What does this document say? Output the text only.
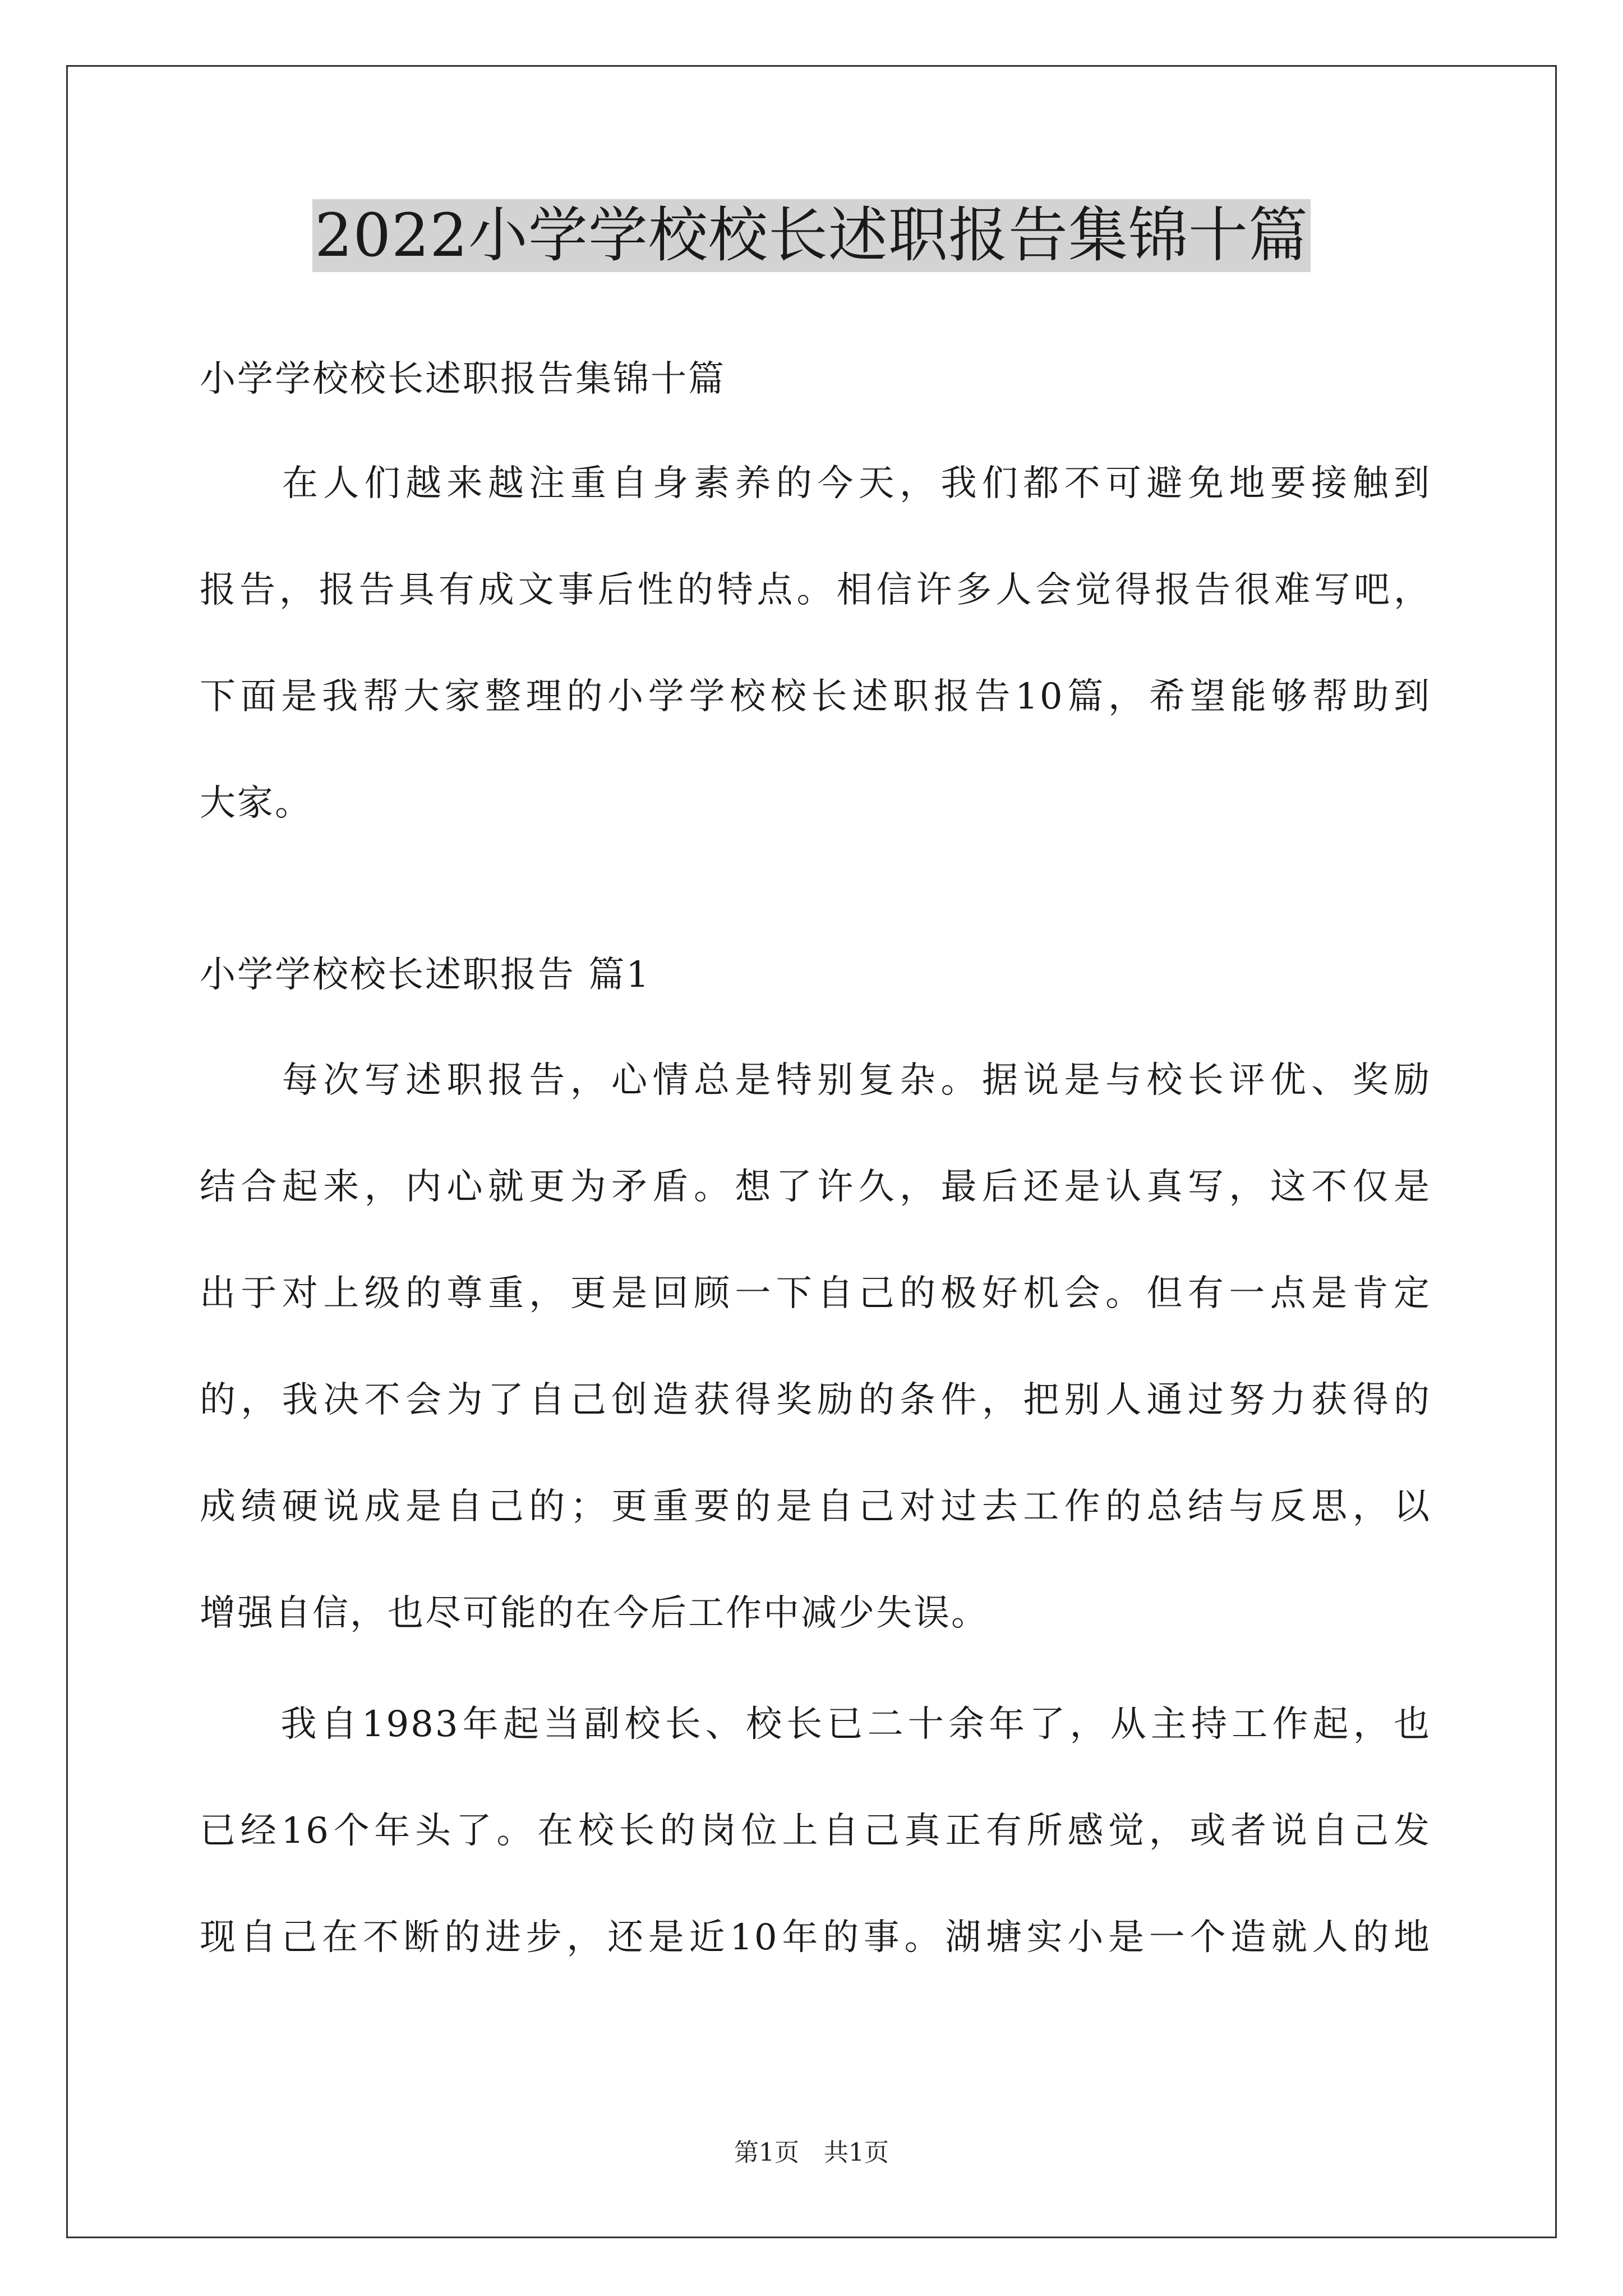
2022小学学校校长述职报告集锦十篇
小学学校校长述职报告集锦十篇
　　在人们越来越注重自身素养的今天，我们都不可避免地要接触到
报告，报告具有成文事后性的特点。相信许多人会觉得报告很难写吧，
下面是我帮大家整理的小学学校校长述职报告10篇，希望能够帮助到
大家。
小学学校校长述职报告 篇1
　　每次写述职报告，心情总是特别复杂。据说是与校长评优、奖励
结合起来，内心就更为矛盾。想了许久，最后还是认真写，这不仅是
出于对上级的尊重，更是回顾一下自己的极好机会。但有一点是肯定
的，我决不会为了自己创造获得奖励的条件，把别人通过努力获得的
成绩硬说成是自己的；更重要的是自己对过去工作的总结与反思，以
增强自信，也尽可能的在今后工作中减少失误。
　　我自1983年起当副校长、校长已二十余年了，从主持工作起，也
已经16个年头了。在校长的岗位上自己真正有所感觉，或者说自己发
现自己在不断的进步，还是近10年的事。湖塘实小是一个造就人的地
第1页　共1页
